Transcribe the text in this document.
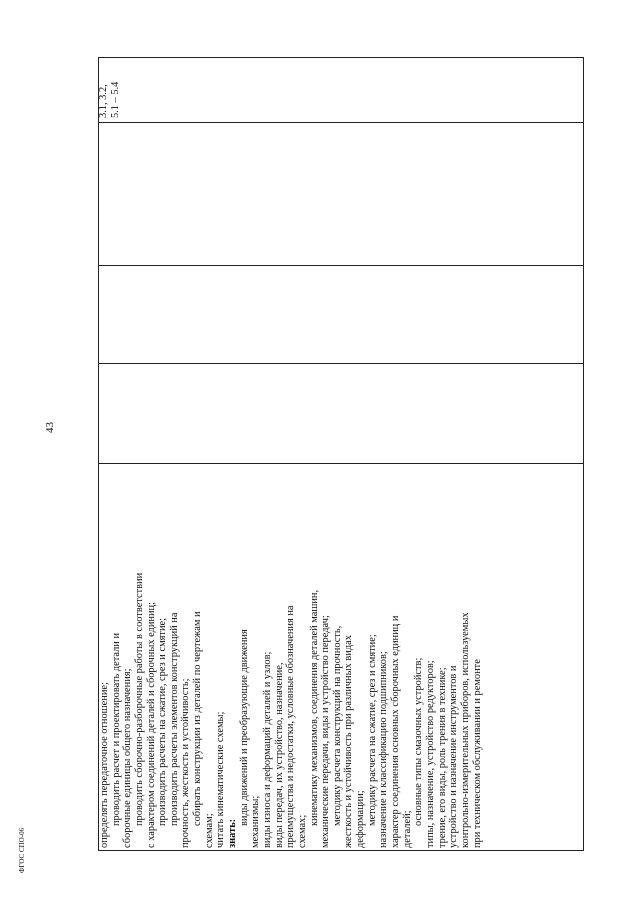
43
3.1, 3.2, 5.1 – 5.4
определять передаточное отношение; проводить расчет и проектировать детали и сборочные единицы общего назначения; проводить сборочно-разборочные работы в соответствии с характером соединений деталей и сборочных единиц; производить расчеты на сжатие, срез и смятие; производить расчеты элементов конструкций на прочность, жесткость и устойчивость; собирать конструкции из деталей по чертежам и
схемам; читать кинематические схемы; знать:
виды движений и преобразующие движения механизмы; виды износа и деформаций деталей и узлов; виды передач, их устройство, назначение, преимущества и недостатки, условные обозначения на схемах;
кинематику механизмов, соединения деталей машин, механические передачи, виды и устройство передач; методику расчета конструкций на прочность, жесткость и устойчивость при различных видах деформации; методику расчета на сжатие, срез и смятие; назначение и классификацию подшипников; характер соединения основных сборочных единиц и деталей;
основные типы смазочных устройств; типы, назначение, устройство редукторов; трение, его виды, роль трения в технике; устройство и назначение инструментов и контрольно-измерительных приборов, используемых при техническом обслуживании и ремонте
ФГОС СПО-06
